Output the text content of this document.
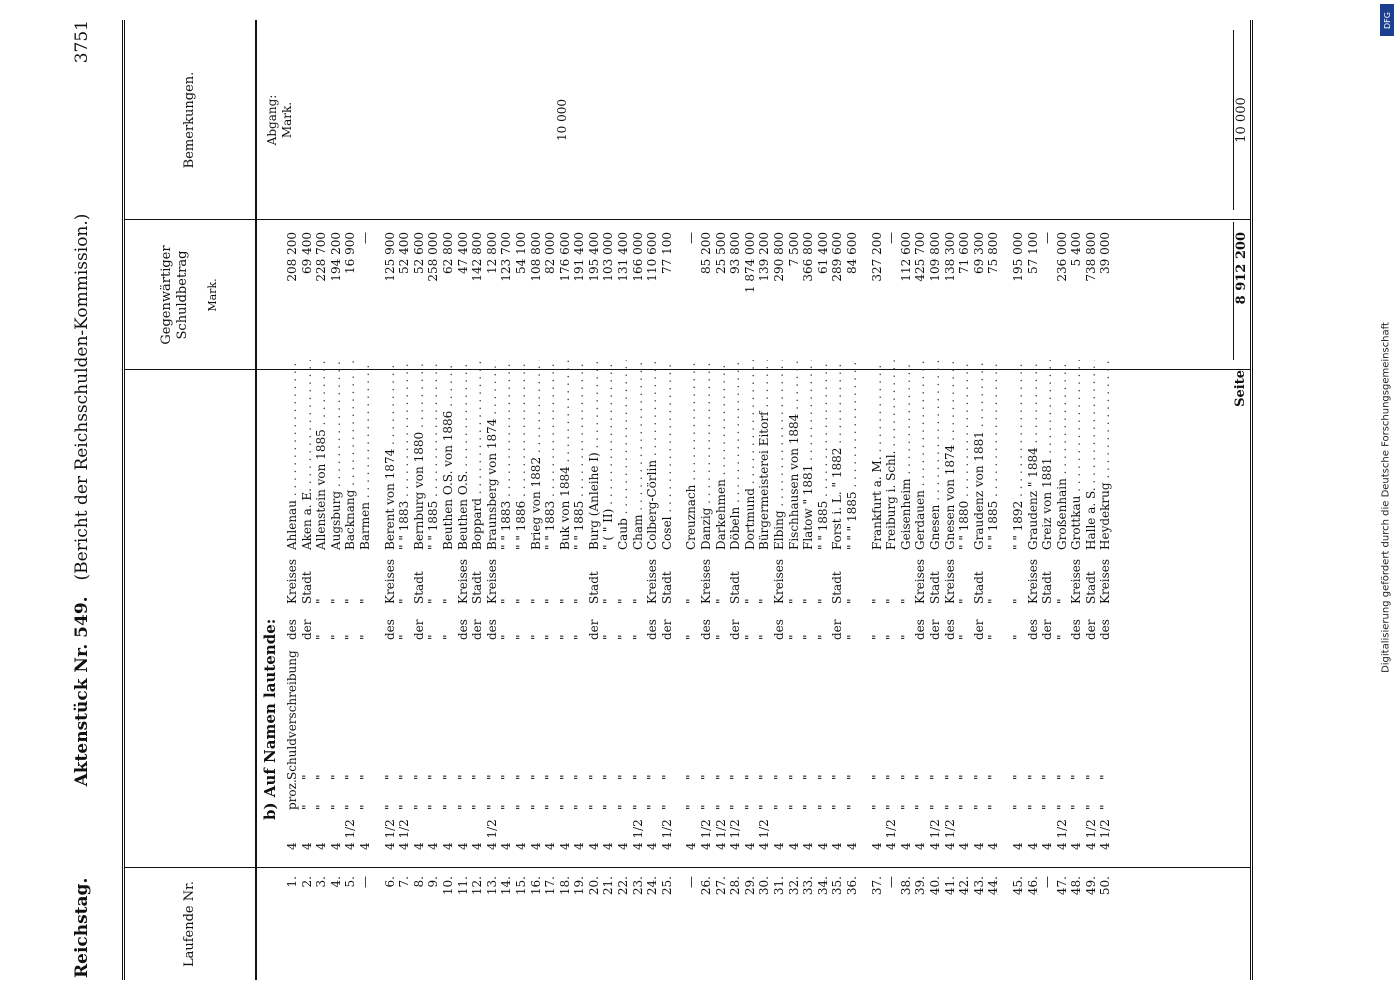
Reichstag.
Aktenstück Nr. 549. (Bericht der Reichsschulden-Kommission.)
3751
Laufende Nr.
Gegenwärtiger
Schuldbetrag Mark.
Bemerkungen.
b) Auf Namen lautende:
Abgang:
Mark.	10 000
1.
4
proz.
Schuldverschreibung
des
Kreises
Ahlenau . . .
208 200
2.
4
"
"
der
Stadt
Aken a. E. . . .
69 400
3.
4
"
"
"
"
Allenstein von 1885 . . .
228 700
4.
4
"
"
"
"
Augsburg . . .
194 200
5.
4 1/2
"
"
"
"
Backnang . . .
16 900
—
4
"
"
"
"
Barmen . . .
—
6.
4 1/2
"
"
des
Kreises
Berent von 1874 . . .
125 900
7.
4 1/2
"
"
"
"
" " 1883 . . .
52 400
8.
4
"
"
der
Stadt
Bernburg von 1880 . . .
52 600
9.
4
"
"
"
"
" " 1885 . . .
258 000
10.
4
"
"
"
"
Beuthen O.S. von 1886 . . .
62 800
11.
4
"
"
des
Kreises
Beuthen O.S. . . .
47 400
12.
4
"
"
der
Stadt
Boppard . . .
142 800
13.
4 1/2
"
"
des
Kreises
Braunsberg von 1874 . . .
12 800
14.
4
"
"
"
"
" " 1883 . . .
123 700
15.
4
"
"
"
"
" " 1886 . . .
54 100
16.
4
"
"
"
"
Brieg von 1882 . . .
108 800
17.
4
"
"
"
"
" " 1883 . . .
82 000
18.
4
"
"
"
"
Buk von 1884 . . .
176 600
19.
4
"
"
"
"
" " 1885 . . .
191 400
20.
4
"
"
der
Stadt
Burg (Anleihe I) . . .
195 400
21.
4
"
"
"
"
" ( " II) . . .
103 000
22.
4
"
"
"
"
Caub . . .
131 400
23.
4 1/2
"
"
"
"
Cham . . .
166 000
24.
4
"
"
des
Kreises
Colberg-Cörlin . . .
110 600
25.
4 1/2
"
"
der
Stadt
Cosel . . .
77 100
—
4
"
"
"
"
Creuznach . . .
—
26.
4 1/2
"
"
des
Kreises
Danzig . . .
85 200
27.
4 1/2
"
"
"
"
Darkehmen . . .
25 500
28.
4 1/2
"
"
der
Stadt
Döbeln . . .
93 800
29.
4
"
"
"
"
Dortmund . . .
1 874 000
30.
4 1/2
"
"
"
"
Bürgermeisterei Eitorf . . .
139 200
31.
4
"
"
des
Kreises
Elbing . . .
290 800
32.
4
"
"
"
"
Fischhausen von 1884 . . .
7 500
33.
4
"
"
"
"
Flatow " 1881 . . .
366 800
34.
4
"
"
"
"
" " 1885 . . .
61 400
35.
4
"
"
der
Stadt
Forst i. L. " 1882 . . .
289 600
36.
4
"
"
"
"
" " " 1885 . . .
84 600
37.
4
"
"
"
"
Frankfurt a. M. . . .
327 200
—
4 1/2
"
"
"
"
Freiburg i. Schl. . . .
—
38.
4
"
"
"
"
Geisenheim . . .
112 600
39.
4
"
"
des
Kreises
Gerdauen . . .
425 700
40.
4 1/2
"
"
der
Stadt
Gnesen . . .
109 800
41.
4 1/2
"
"
des
Kreises
Gnesen von 1874 . . .
138 300
42.
4
"
"
"
"
" " 1880 . . .
71 600
43.
4
"
"
der
Stadt
Graudenz von 1881 . . .
69 300
44.
4
"
"
"
"
" " 1885 . . .
75 800
45.
4
"
"
"
"
" " 1892 . . .
195 000
46.
4
"
"
des
Kreises
Graudenz " 1884 . . .
57 100
—
4
"
"
der
Stadt
Greiz von 1881 . . .
—
47.
4 1/2
"
"
"
"
Großenhain . . .
236 000
48.
4
"
"
des
Kreises
Grottkau . . .
5 400
49.
4 1/2
"
"
der
Stadt
Halle a. S. . . .
738 800
50.
4 1/2
"
"
des
Kreises
Heydekrug . . .
39 000
Seite
8 912 200
10 000
Digitalisierung gefördert durch die Deutsche Forschungsgemeinschaft
DFG
